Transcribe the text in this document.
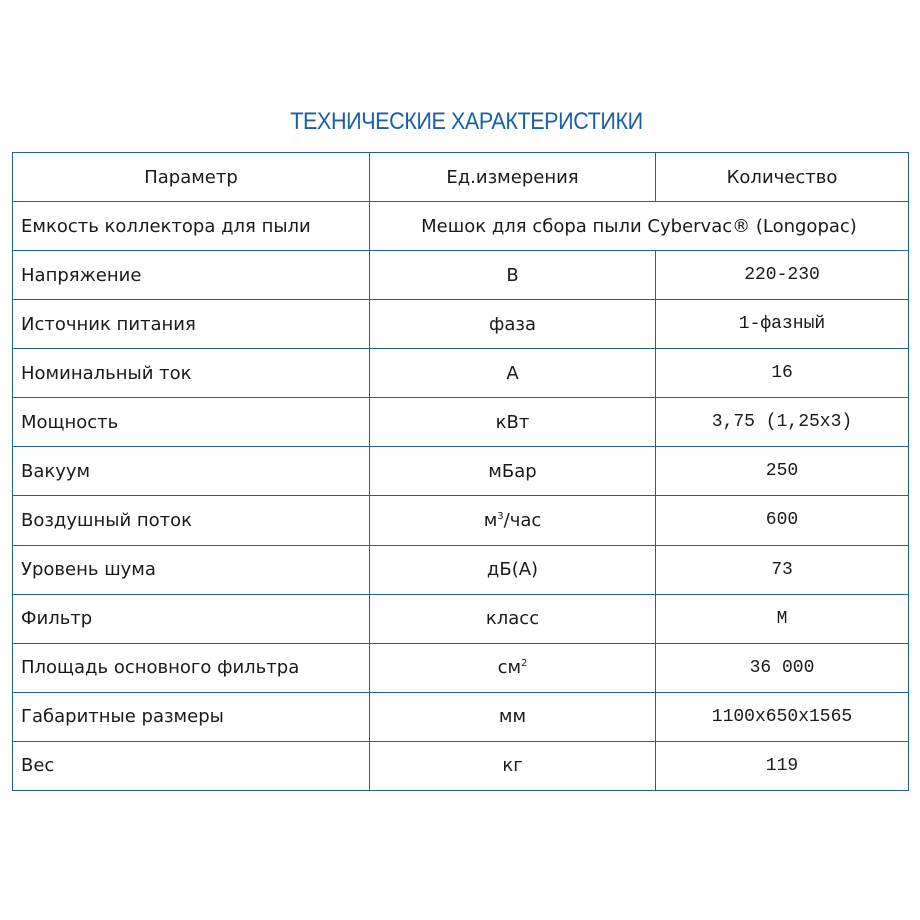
ТЕХНИЧЕСКИЕ ХАРАКТЕРИСТИКИ
Параметр	Ед.измерения	Количество
Емкость коллектора для пыли	Мешок для сбора пыли Cybervac® (Longopac)	
Напряжение	В	220-230
Источник питания	фаза	1-фазный
Номинальный ток	А	16
Мощность	кВт	3,75 (1,25x3)
Вакуум	мБар	250
Воздушный поток	$м^3$/час	600
Уровень шума	дБ(А)	73
Фильтр	класс	M
Площадь основного фильтра	$см^2$	36 000
Габаритные размеры	мм	1100x650x1565
Вес	кг	119
